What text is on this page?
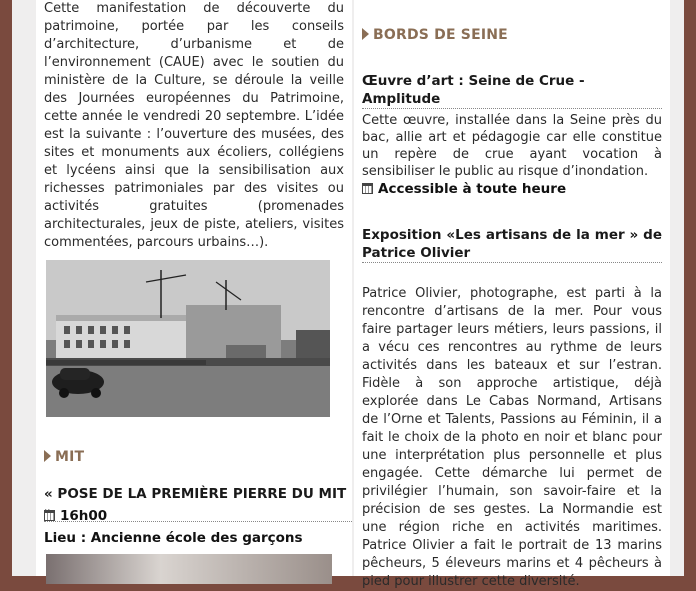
Cette manifestation de découverte du patrimoine, portée par les conseils d’architecture, d’urbanisme et de l’environnement (CAUE) avec le soutien du ministère de la Culture, se déroule la veille des Journées européennes du Patrimoine, cette année le vendredi 20 septembre. L’idée est la suivante : l’ouverture des musées, des sites et monuments aux écoliers, collégiens et lycéens ainsi que la sensibilisation aux richesses patrimoniales par des visites ou activités gratuites (promenades architecturales, jeux de piste, ateliers, visites commentées, parcours urbains…).

MIT
« POSE DE LA PREMIÈRE PIERRE DU MIT
16h00
Lieu : Ancienne école des garçons
BORDS DE SEINE
Œuvre d’art : Seine de Crue - Amplitude

Cette œuvre, installée dans la Seine près du bac, allie art et pédagogie car elle constitue un repère de crue ayant vocation à sensibiliser le public au risque d’inondation.

Accessible à toute heure
Exposition «Les artisans de la mer » de Patrice Olivier

Patrice Olivier, photographe, est parti à la rencontre d’artisans de la mer. Pour vous faire partager leurs métiers, leurs passions, il a vécu ces rencontres au rythme de leurs activités dans les bateaux et sur l’estran. Fidèle à son approche artistique, déjà explorée dans Le Cabas Normand, Artisans de l’Orne et Talents, Passions au Féminin, il a fait le choix de la photo en noir et blanc pour une interprétation plus personnelle et plus engagée. Cette démarche lui permet de privilégier l’humain, son savoir-faire et la précision de ses gestes. La Normandie est une région riche en activités maritimes. Patrice Olivier a fait le portrait de 13 marins pêcheurs, 5 éleveurs marins et 4 pêcheurs à pied pour illustrer cette diversité.
